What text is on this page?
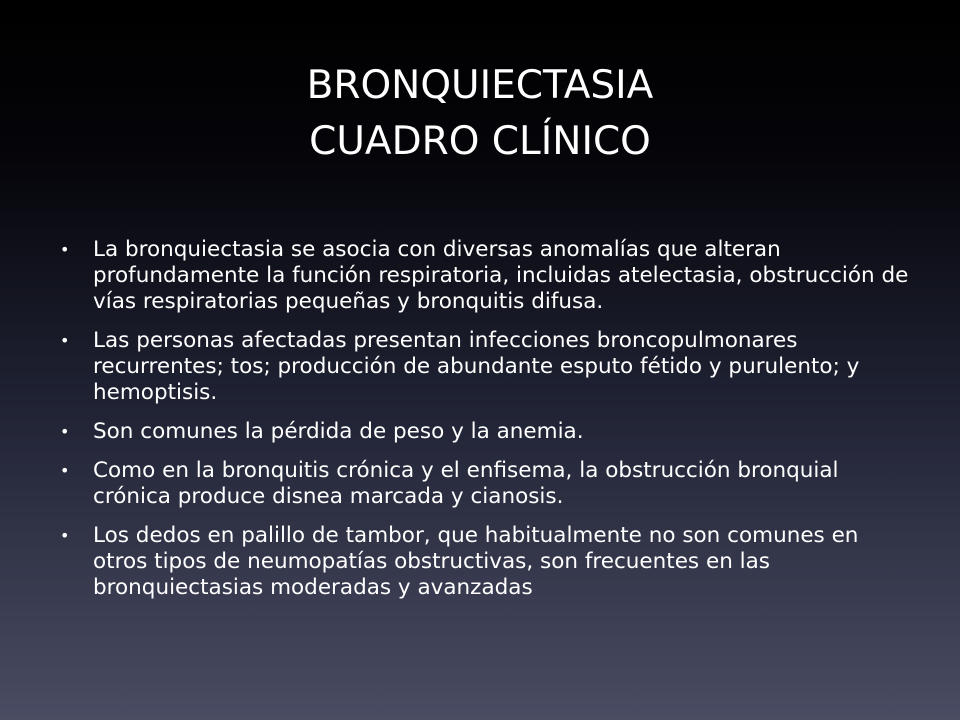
BRONQUIECTASIA
CUADRO CLÍNICO
• La bronquiectasia se asocia con diversas anomalías que alteran profundamente la función respiratoria, incluidas atelectasia, obstrucción de vías respiratorias pequeñas y bronquitis difusa.
• Las personas afectadas presentan infecciones broncopulmonares recurrentes; tos; producción de abundante esputo fétido y purulento; y hemoptisis.
• Son comunes la pérdida de peso y la anemia.
• Como en la bronquitis crónica y el enfisema, la obstrucción bronquial crónica produce disnea marcada y cianosis.
• Los dedos en palillo de tambor, que habitualmente no son comunes en otros tipos de neumopatías obstructivas, son frecuentes en las bronquiectasias moderadas y avanzadas
